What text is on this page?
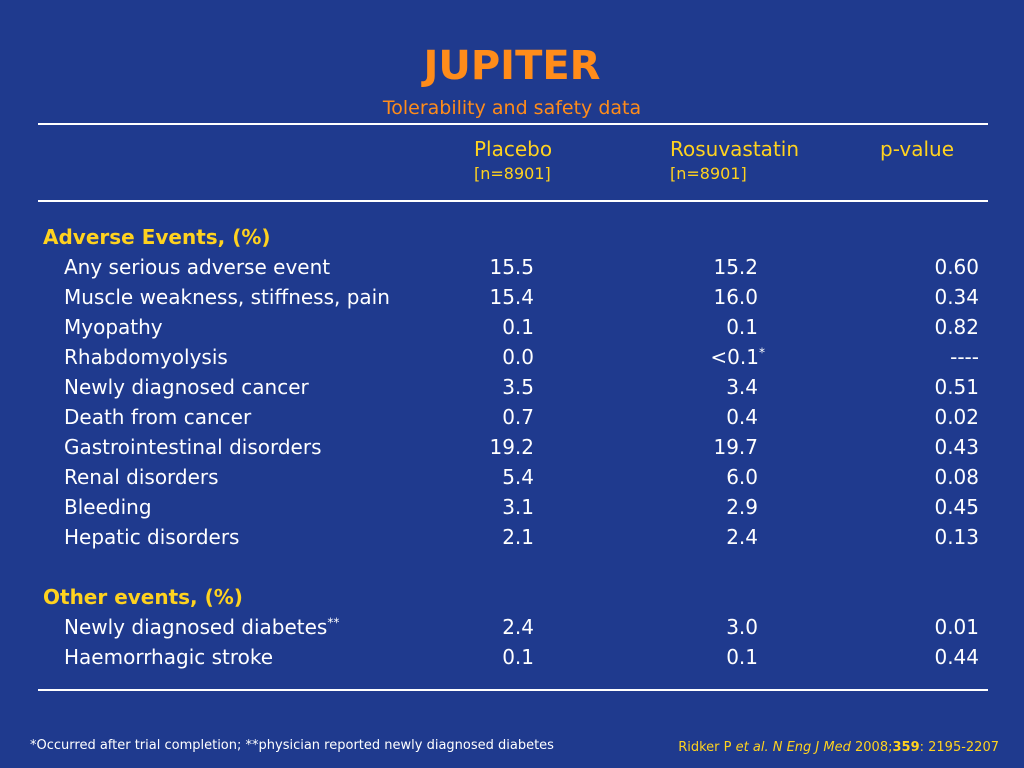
JUPITER
Tolerability and safety data
Placebo	Rosuvastatin	p-value
[n=8901]	[n=8901]
Adverse Events, (%)
Any serious adverse event	15.5	15.2	0.60
Muscle weakness, stiffness, pain	15.4	16.0	0.34
Myopathy	0.1	0.1	0.82
Rhabdomyolysis	0.0	<0.1*	----
Newly diagnosed cancer	3.5	3.4	0.51
Death from cancer	0.7	0.4	0.02
Gastrointestinal disorders	19.2	19.7	0.43
Renal disorders	5.4	6.0	0.08
Bleeding	3.1	2.9	0.45
Hepatic disorders	2.1	2.4	0.13
Other events, (%)
Newly diagnosed diabetes**	2.4	3.0	0.01
Haemorrhagic stroke	0.1	0.1	0.44
*Occurred after trial completion; **physician reported newly diagnosed diabetes	Ridker P et al. N Eng J Med 2008;359: 2195-2207
